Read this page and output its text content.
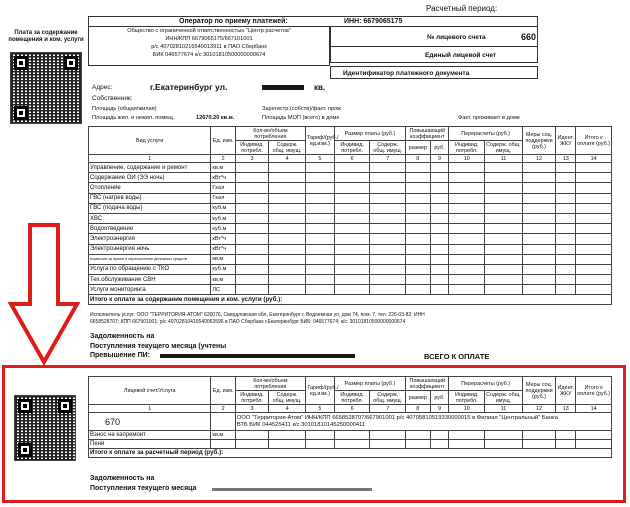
Плата за содержание помещения и ком. услуги
Расчетный период:
Оператор по приему платежей:	ИНН: 6679065175
Общество с ограниченной ответственностью "Центр расчетов"
ИНН/КПП 6679065175/667101001
р/с 40702810216540013911 в ПАО Сбербанк
БИК 046577674 к/с 30101810500000000674
№ лицевого счета	660
Единый лицевой счет
Идентификатор платежного документа
Адрес:	г.Екатеринбург ул.	кв.
Собственник:
Площадь (общая/жилая)	Зарегистр.(собств)/факт. прож
Площадь жил. и нежил. помещ.	12670.20 кв.м.	Площадь МОП (всего) в доме	Факт. проживает в доме
Вид услуги	Ед. изм.	Кол-во/объем потребления		Тариф/(руб./ед.изм.)	Размер платы (руб.)		Повышающий коэффициент		Перерасчеты (руб.)		Меры соц. поддержки (руб.)	Идент. ЖКУ	Итого к оплате (руб.)
		Индивид. потребл.	Содерж. общ. имущ.		Индивид. потребл.	Содерж. общ. имущ.	размер	руб.	Индивид. потребл.	Содерж. общ. имущ.			
1	2	3	4	5	6	7	8	9	10	11	12	13	14
Управление, содержание и ремонт	кв.м												
Содержание ОИ (ЭЭ ночь)	кВт*ч												
Отопление	Гкал												
ГВС (нагрев воды)	Гкал												
ГВС (подача воды)	куб.м												
ХВС	куб.м												
Водоотведение	куб.м												
Электроэнергия	кВт*ч												
Электроэнергия ночь	кВт*ч												
Комиссия за прием и перечисление денежных средств	кв.м												
Услуга по обращению с ТКО	куб.м												
Тех.обслуживание СВН	кв.м												
Услуги мониторинга	ЛС												
Итого к оплате за содержание помещения и ком. услуги (руб.):													
Исполнитель услуг: ООО "ТЕРРИТОРИЯ-АТОМ" 620076, Свердловская обл, Екатеринбург г, Водоемная ул, дом 74, пом. 7, тел. 226-03-83; ИНН
6658528707; КПП 667901001; р/с 40702810416540063596 в ПАО Сбербанк г.Екатеринбург БИК: 046577674; к/с: 30101810500000000674
Задолженность на
Поступления текущего месяца (учтены
Превышение ПИ:	ВСЕГО К ОПЛАТЕ
Лицевой счет/Услуга	Ед. изм.	Кол-во/объем потребления		Тариф/(руб./ед.изм.)	Размер платы (руб.)		Повышающий коэффициент		Перерасчеты (руб.)		Меры соц. поддержки (руб.)	Идент. ЖКУ	Итого к оплате (руб.)
		Индивид. потребл.	Содерж. общ. имущ.		Индивид. потребл.	Содерж. общ. имущ.	размер	руб.	Индивид. потребл.	Содерж. общ. имущ.			
1	2	3	4	5	6	7	8	9	10	11	12	13	14
670		ООО "Территория-Атом" ИНН/КПП 6658528707/667901001 р/с 40705810519330000015 в Филиал "Центральный" Банка
ВТБ БИК 044525411 к/с 30101810145250000411											
Взнос на капремонт	кв.м												
Пени													
Итого к оплате за расчетный период (руб.):													
Задолженность на
Поступления текущего месяца
